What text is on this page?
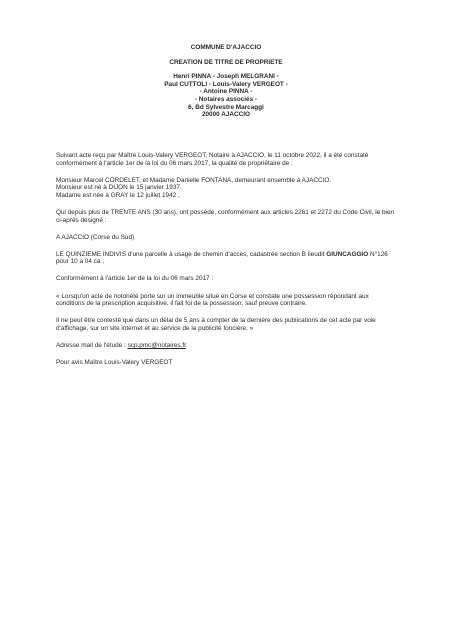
COMMUNE D'AJACCIO
CREATION DE TITRE DE PROPRIETE
Henri PINNA - Joseph MELGRANI -
Paul CUTTOLI - Louis-Valery VERGEOT -
- Antoine PINNA -
- Notaires associés -
6, Bd Sylvestre Marcaggi
20000 AJACCIO

Suivant acte reçu par Maître Louis-Valery VERGEOT, Notaire à AJACCIO, le 11 octobre 2022, il a été constaté conformément à l'article 1er de la loi du 06 mars 2017, la qualité de propriétaire de :

Monsieur Marcel CORDELET, et Madame Danielle FONTANA, demeurant ensemble à AJACCIO.
Monsieur est né à DIJON le 15 janvier 1937.
Madame est née à GRAY le 12 juillet 1942 ;

Qui depuis plus de TRENTE ANS (30 ans), ont possédé, conformément aux articles 2261 et 2272 du Code Civil, le bien ci-après désigné :

A AJACCIO (Corse du Sud)

LE QUINZIEME INDIVIS d'une parcelle à usage de chemin d'accès, cadastrée section B lieudit GIUNCAGGIO N°126 pour 10 a 04 ca ;

Conformément à l'article 1er de la loi du 06 mars 2017 :

« Lorsqu'un acte de notoriété porte sur un immeuble situé en Corse et constate une possession répondant aux conditions de la prescription acquisitive, il fait foi de la possession, sauf preuve contraire.

Il ne peut être contesté que dans un délai de 5 ans à compter de la dernière des publications de cet acte par voie d'affichage, sur un site internet et au service de la publicité foncière. »

Adresse mail de l'étude : scp.pmc@notaires.fr.

Pour avis Maître Louis-Valery VERGEOT
